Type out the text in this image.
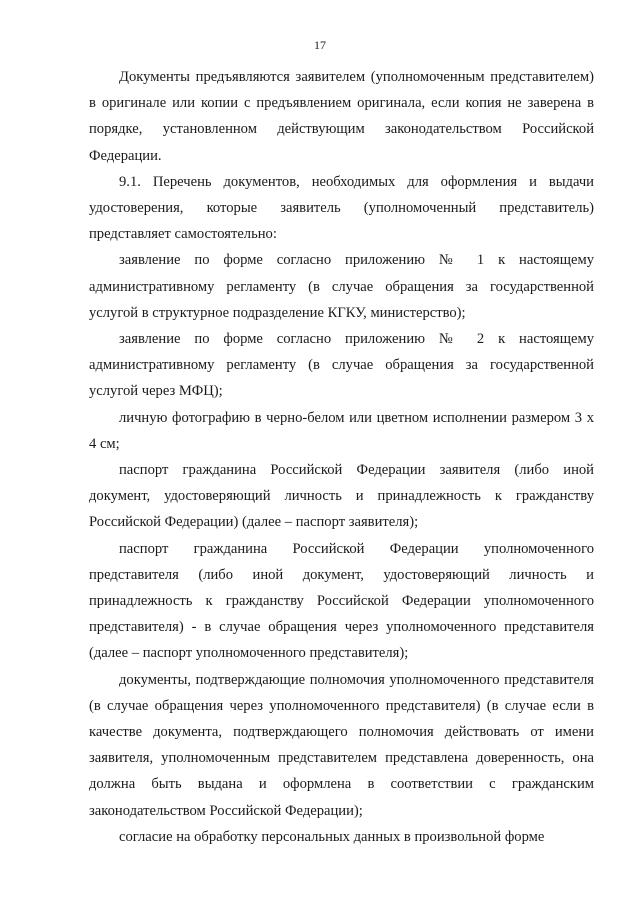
17

Документы предъявляются заявителем (уполномоченным представителем) в оригинале или копии с предъявлением оригинала, если копия не заверена в порядке, установленном действующим законодательством Российской Федерации.

9.1. Перечень документов, необходимых для оформления и выдачи удостоверения, которые заявитель (уполномоченный представитель) представляет самостоятельно:

заявление по форме согласно приложению № 1 к настоящему административному регламенту (в случае обращения за государственной услугой в структурное подразделение КГКУ, министерство);

заявление по форме согласно приложению № 2 к настоящему административному регламенту (в случае обращения за государственной услугой через МФЦ);

личную фотографию в черно-белом или цветном исполнении размером 3 х 4 см;

паспорт гражданина Российской Федерации заявителя (либо иной документ, удостоверяющий личность и принадлежность к гражданству Российской Федерации) (далее – паспорт заявителя);

паспорт гражданина Российской Федерации уполномоченного представителя (либо иной документ, удостоверяющий личность и принадлежность к гражданству Российской Федерации уполномоченного представителя) - в случае обращения через уполномоченного представителя (далее – паспорт уполномоченного представителя);

документы, подтверждающие полномочия уполномоченного представителя (в случае обращения через уполномоченного представителя) (в случае если в качестве документа, подтверждающего полномочия действовать от имени заявителя, уполномоченным представителем представлена доверенность, она должна быть выдана и оформлена в соответствии с гражданским законодательством Российской Федерации);

согласие на обработку персональных данных в произвольной форме
